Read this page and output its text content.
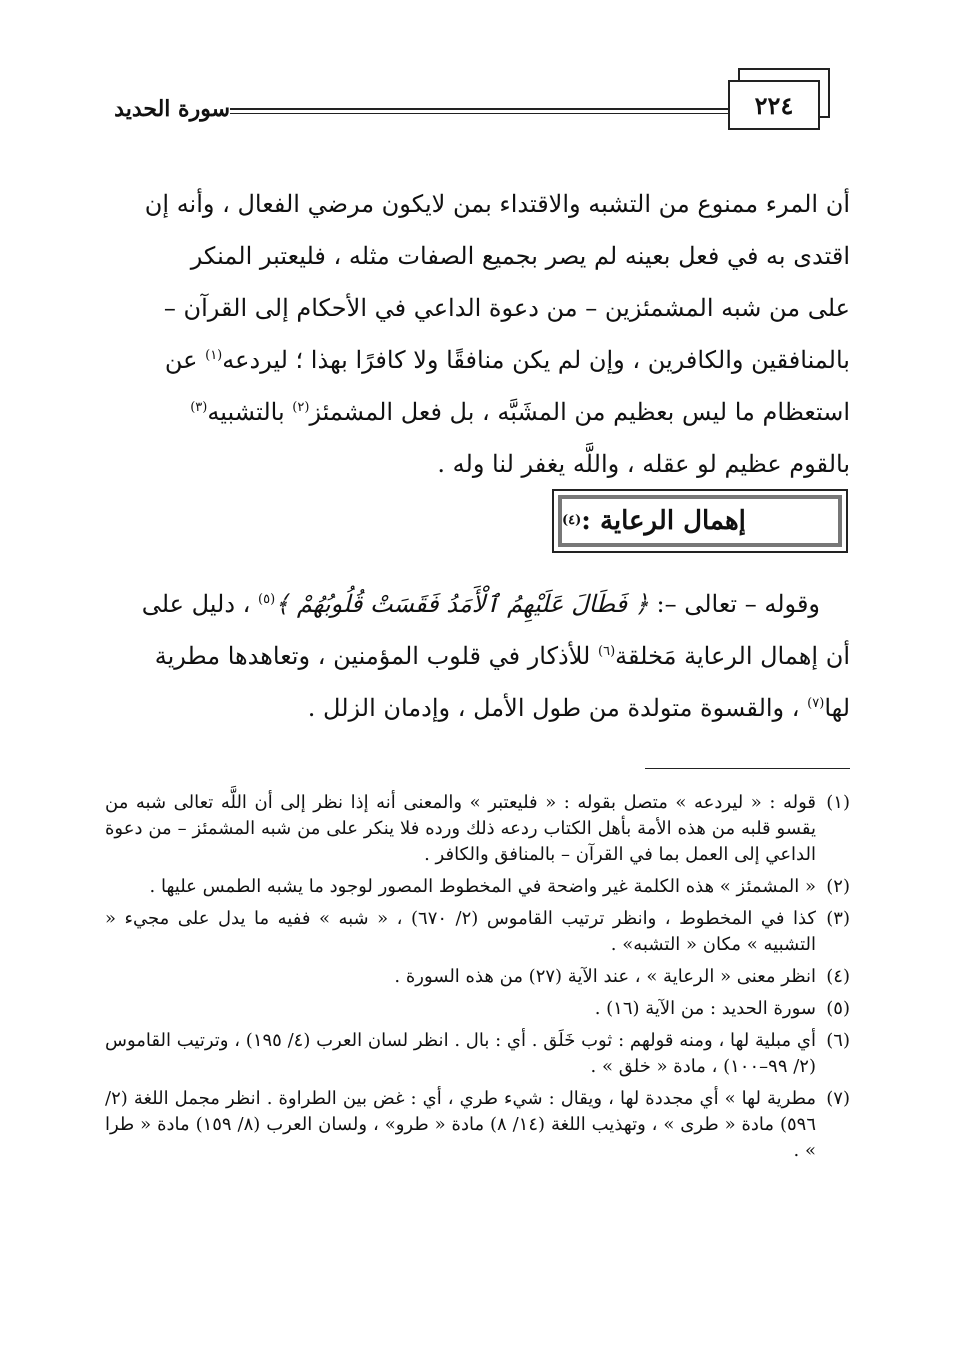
سورة الحديد	٢٢٤

أن المرء ممنوع من التشبه والاقتداء بمن لايكون مرضي الفعال ، وأنه إن

اقتدى به في فعل بعينه لم يصر بجميع الصفات مثله ، فليعتبر المنكر

على من شبه المشمئزين – من دعوة الداعي في الأحكام إلى القرآن –

بالمنافقين والكافرين ، وإن لم يكن منافقًا ولا كافرًا بهذا ؛ ليردعه$^{(١)}$ عن

استعظام ما ليس بعظيم من المشَبَّه ، بل فعل المشمئز$^{(٢)}$ بالتشبيه$^{(٣)}$

بالقوم عظيم لو عقله ، واللَّه يغفر لنا وله .

إهمال الرعاية :
(٤)

وقوله – تعالى –: ﴿ فَطَالَ عَلَيْهِمُ ٱلْأَمَدُ فَقَسَتْ قُلُوبُهُمْ ﴾$^{(٥)}$ ، دليل على

أن إهمال الرعاية مَخلقة$^{(٦)}$ للأذكار في قلوب المؤمنين ، وتعاهدها مطرية

لها$^{(٧)}$ ، والقسوة متولدة من طول الأمل ، وإدمان الزلل .

(١)
قوله : « ليردعه » متصل بقوله : « فليعتبر » والمعنى أنه إذا نظر إلى أن اللَّه تعالى شبه من يقسو قلبه من هذه الأمة بأهل الكتاب ردعه ذلك ورده فلا ينكر على من شبه المشمئز – من دعوة الداعي إلى العمل بما في القرآن – بالمنافق والكافر .
(٢)
« المشمئز » هذه الكلمة غير واضحة في المخطوط المصور لوجود ما يشبه الطمس عليها .
(٣)
كذا في المخطوط ، وانظر ترتيب القاموس (٢/ ٦٧٠) ، « شبه » ففيه ما يدل على مجيء « التشبيه » مكان « التشبه» .
(٤)
انظر معنى « الرعاية » ، عند الآية (٢٧) من هذه السورة .
(٥)
سورة الحديد : من الآية (١٦) .
(٦)
أي مبلية لها ، ومنه قولهم : ثوب خَلَق . أي : بال . انظر لسان العرب (٤/ ١٩٥) ، وترتيب القاموس (٢/ ٩٩–١٠٠) ، مادة « خلق » .
(٧)
مطرية لها » أي مجددة لها ، ويقال : شيء طري ، أي : غض بين الطراوة . انظر مجمل اللغة (٢/ ٥٩٦) مادة « طرى » ، وتهذيب اللغة (١٤/ ٨) مادة « طرو» ، ولسان العرب (٨/ ١٥٩) مادة « طرا » .
